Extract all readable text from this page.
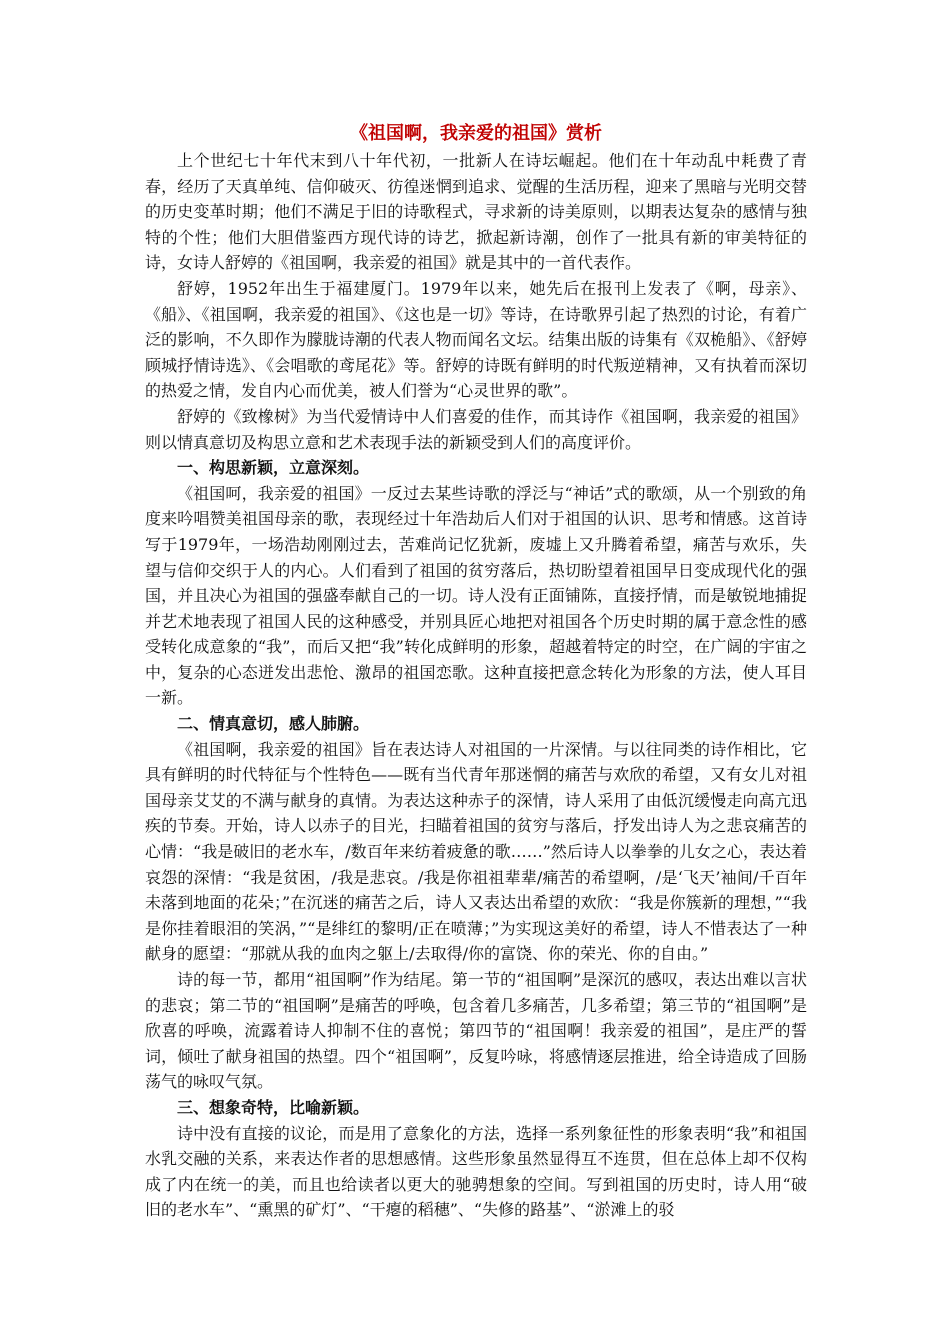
《祖国啊，我亲爱的祖国》赏析

上个世纪七十年代末到八十年代初，一批新人在诗坛崛起。他们在十年动乱中耗费了青春，经历了天真单纯、信仰破灭、彷徨迷惘到追求、觉醒的生活历程，迎来了黑暗与光明交替的历史变革时期；他们不满足于旧的诗歌程式，寻求新的诗美原则，以期表达复杂的感情与独特的个性；他们大胆借鉴西方现代诗的诗艺，掀起新诗潮，创作了一批具有新的审美特征的诗，女诗人舒婷的《祖国啊，我亲爱的祖国》就是其中的一首代表作。

舒婷，1952年出生于福建厦门。1979年以来，她先后在报刊上发表了《啊，母亲》、《船》、《祖国啊，我亲爱的祖国》、《这也是一切》等诗，在诗歌界引起了热烈的讨论，有着广泛的影响，不久即作为朦胧诗潮的代表人物而闻名文坛。结集出版的诗集有《双桅船》、《舒婷顾城抒情诗选》、《会唱歌的鸢尾花》等。舒婷的诗既有鲜明的时代叛逆精神，又有执着而深切的热爱之情，发自内心而优美，被人们誉为“心灵世界的歌”。

舒婷的《致橡树》为当代爱情诗中人们喜爱的佳作，而其诗作《祖国啊，我亲爱的祖国》则以情真意切及构思立意和艺术表现手法的新颖受到人们的高度评价。

一、构思新颖，立意深刻。

《祖国呵，我亲爱的祖国》一反过去某些诗歌的浮泛与“神话”式的歌颂，从一个别致的角度来吟唱赞美祖国母亲的歌，表现经过十年浩劫后人们对于祖国的认识、思考和情感。这首诗写于1979年，一场浩劫刚刚过去，苦难尚记忆犹新，废墟上又升腾着希望，痛苦与欢乐，失望与信仰交织于人的内心。人们看到了祖国的贫穷落后，热切盼望着祖国早日变成现代化的强国，并且决心为祖国的强盛奉献自己的一切。诗人没有正面铺陈，直接抒情，而是敏锐地捕捉并艺术地表现了祖国人民的这种感受，并别具匠心地把对祖国各个历史时期的属于意念性的感受转化成意象的“我”，而后又把“我”转化成鲜明的形象，超越着特定的时空，在广阔的宇宙之中，复杂的心态迸发出悲怆、激昂的祖国恋歌。这种直接把意念转化为形象的方法，使人耳目一新。

二、情真意切，感人肺腑。

《祖国啊，我亲爱的祖国》旨在表达诗人对祖国的一片深情。与以往同类的诗作相比，它具有鲜明的时代特征与个性特色——既有当代青年那迷惘的痛苦与欢欣的希望，又有女儿对祖国母亲艾艾的不满与献身的真情。为表达这种赤子的深情，诗人采用了由低沉缓慢走向高亢迅疾的节奏。开始，诗人以赤子的目光，扫瞄着祖国的贫穷与落后，抒发出诗人为之悲哀痛苦的心情：“我是破旧的老水车，/数百年来纺着疲惫的歌……”然后诗人以拳拳的儿女之心，表达着哀怨的深情：“我是贫困，/我是悲哀。/我是你祖祖辈辈/痛苦的希望啊，/是‘飞天’袖间/千百年未落到地面的花朵；”在沉迷的痛苦之后，诗人又表达出希望的欢欣：“我是你簇新的理想，”“我是你挂着眼泪的笑涡，”“是绯红的黎明/正在喷薄；”为实现这美好的希望，诗人不惜表达了一种献身的愿望：“那就从我的血肉之躯上/去取得/你的富饶、你的荣光、你的自由。”

诗的每一节，都用“祖国啊”作为结尾。第一节的“祖国啊”是深沉的感叹，表达出难以言状的悲哀；第二节的“祖国啊”是痛苦的呼唤，包含着几多痛苦，几多希望；第三节的“祖国啊”是欣喜的呼唤，流露着诗人抑制不住的喜悦；第四节的“祖国啊！我亲爱的祖国”，是庄严的誓词，倾吐了献身祖国的热望。四个“祖国啊”，反复吟咏，将感情逐层推进，给全诗造成了回肠荡气的咏叹气氛。

三、想象奇特，比喻新颖。

诗中没有直接的议论，而是用了意象化的方法，选择一系列象征性的形象表明“我”和祖国水乳交融的关系，来表达作者的思想感情。这些形象虽然显得互不连贯，但在总体上却不仅构成了内在统一的美，而且也给读者以更大的驰骋想象的空间。写到祖国的历史时，诗人用“破旧的老水车”、“熏黑的矿灯”、“干瘪的稻穗”、“失修的路基”、“淤滩上的驳
